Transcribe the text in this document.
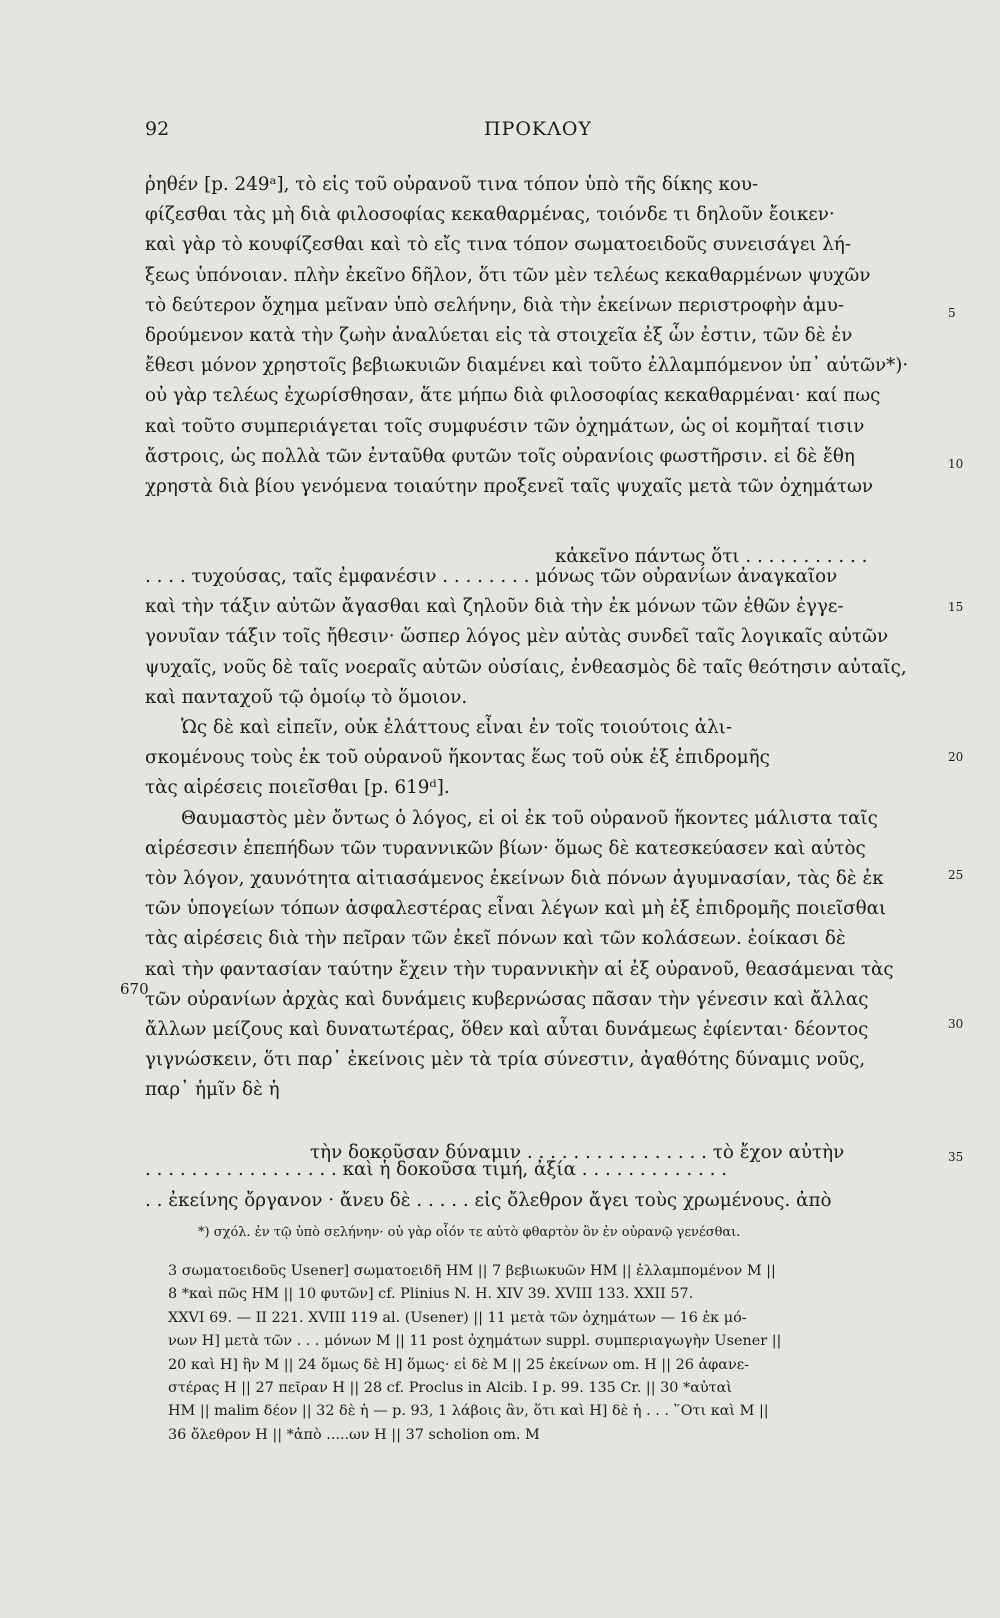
92	ΠΡΟΚΛΟΥ
ῥηθέν [p. 249ᵃ], τὸ εἰς τοῦ οὐρανοῦ τινα τόπον ὑπὸ τῆς δίκης κου-
φίζεσθαι τὰς μὴ διὰ φιλοσοφίας κεκαθαρμένας, τοιόνδε τι δηλοῦν ἔοικεν·
καὶ γὰρ τὸ κουφίζεσθαι καὶ τὸ εἴς τινα τόπον σωματοειδοῦς συνεισάγει λή-
ξεως ὑπόνοιαν. πλὴν ἐκεῖνο δῆλον, ὅτι τῶν μὲν τελέως κεκαθαρμένων ψυχῶν
τὸ δεύτερον ὄχημα μεῖναν ὑπὸ σελήνην, διὰ τὴν ἐκείνων περιστροφὴν ἀμυ-
δρούμενον κατὰ τὴν ζωὴν ἀναλύεται εἰς τὰ στοιχεῖα ἐξ ὧν ἐστιν, τῶν δὲ ἐν
ἔθεσι μόνον χρηστοῖς βεβιωκυιῶν διαμένει καὶ τοῦτο ἐλλαμπόμενον ὑπ᾽ αὐτῶν*)·
οὐ γὰρ τελέως ἐχωρίσθησαν, ἅτε μήπω διὰ φιλοσοφίας κεκαθαρμέναι· καί πως
καὶ τοῦτο συμπεριάγεται τοῖς συμφυέσιν τῶν ὀχημάτων, ὡς οἱ κομῆταί τισιν
ἄστροις, ὡς πολλὰ τῶν ἐνταῦθα φυτῶν τοῖς οὐρανίοις φωστῆρσιν. εἰ δὲ ἔθη
χρηστὰ διὰ βίου γενόμενα τοιαύτην προξενεῖ ταῖς ψυχαῖς μετὰ τῶν ὀχημάτων
κἀκεῖνο πάντως ὅτι . . . . . . . . . . .
. . . . τυχούσας, ταῖς ἐμφανέσιν . . . . . . . . μόνως τῶν οὐρανίων ἀναγκαῖον
καὶ τὴν τάξιν αὐτῶν ἄγασθαι καὶ ζηλοῦν διὰ τὴν ἐκ μόνων τῶν ἐθῶν ἐγγε-
γονυῖαν τάξιν τοῖς ἤθεσιν· ὥσπερ λόγος μὲν αὐτὰς συνδεῖ ταῖς λογικαῖς αὐτῶν
ψυχαῖς, νοῦς δὲ ταῖς νοεραῖς αὐτῶν οὐσίαις, ἐνθεασμὸς δὲ ταῖς θεότησιν αὐταῖς,
καὶ πανταχοῦ τῷ ὁμοίῳ τὸ ὅμοιον.
Ὡς δὲ καὶ εἰπεῖν, οὐκ ἐλάττους εἶναι ἐν τοῖς τοιούτοις ἀλι-
σκομένους τοὺς ἐκ τοῦ οὐρανοῦ ἥκοντας ἕως τοῦ οὐκ ἐξ ἐπιδρομῆς
τὰς αἱρέσεις ποιεῖσθαι [p. 619ᵈ].
Θαυμαστὸς μὲν ὄντως ὁ λόγος, εἰ οἱ ἐκ τοῦ οὐρανοῦ ἥκοντες μάλιστα ταῖς
αἱρέσεσιν ἐπεπήδων τῶν τυραννικῶν βίων· ὅμως δὲ κατεσκεύασεν καὶ αὐτὸς
τὸν λόγον, χαυνότητα αἰτιασάμενος ἐκείνων διὰ πόνων ἀγυμνασίαν, τὰς δὲ ἐκ
τῶν ὑπογείων τόπων ἀσφαλεστέρας εἶναι λέγων καὶ μὴ ἐξ ἐπιδρομῆς ποιεῖσθαι
τὰς αἱρέσεις διὰ τὴν πεῖραν τῶν ἐκεῖ πόνων καὶ τῶν κολάσεων. ἐοίκασι δὲ
καὶ τὴν φαντασίαν ταύτην ἔχειν τὴν τυραννικὴν αἱ ἐξ οὐρανοῦ, θεασάμεναι τὰς
τῶν οὐρανίων ἀρχὰς καὶ δυνάμεις κυβερνώσας πᾶσαν τὴν γένεσιν καὶ ἄλλας
ἄλλων μείζους καὶ δυνατωτέρας, ὅθεν καὶ αὗται δυνάμεως ἐφίενται· δέοντος
γιγνώσκειν, ὅτι παρ᾽ ἐκείνοις μὲν τὰ τρία σύνεστιν, ἀγαθότης δύναμις νοῦς,
παρ᾽ ἡμῖν δὲ ἡ
τὴν δοκοῦσαν δύναμιν . . . . . . . . . . . . . . . . τὸ ἔχον αὐτὴν
. . . . . . . . . . . . . . . . . καὶ ἡ δοκοῦσα τιμή, ἀξία . . . . . . . . . . . . .
. . ἐκείνης ὄργανον · ἄνευ δὲ . . . . . εἰς ὄλεθρον ἄγει τοὺς χρωμένους. ἀπὸ
5
10
15
20
25
30
35
670
*) σχόλ. ἐν τῷ ὑπὸ σελήνην· οὐ γὰρ οἷόν τε αὐτὸ φθαρτὸν ὂν ἐν οὐρανῷ γενέσθαι.
3 σωματοειδοῦς Usener] σωματοειδῆ HM || 7 βεβιωκυῶν HM || ἐλλαμπομένον M ||
8 *καὶ πῶς HM || 10 φυτῶν] cf. Plinius N. H. XIV 39. XVIII 133. XXII 57.
XXVI 69. — II 221. XVIII 119 al. (Usener) || 11 μετὰ τῶν ὀχημάτων — 16 ἐκ μό-
νων H] μετὰ τῶν . . . μόνων M || 11 post ὀχημάτων suppl. συμπεριαγωγὴν Usener ||
20 καὶ H] ἣν M || 24 ὅμως δὲ H] ὅμως· εἰ δὲ M || 25 ἐκείνων om. H || 26 ἀφανε-
στέρας H || 27 πεῖραν H || 28 cf. Proclus in Alcib. I p. 99. 135 Cr. || 30 *αὐταὶ
HM || malim δέον || 32 δὲ ἡ — p. 93, 1 λάβοις ἂν, ὅτι καὶ H] δὲ ἡ . . . ῞Οτι καὶ M ||
36 ὄλεθρον H || *ἀπὸ .....ων H || 37 scholion om. M
